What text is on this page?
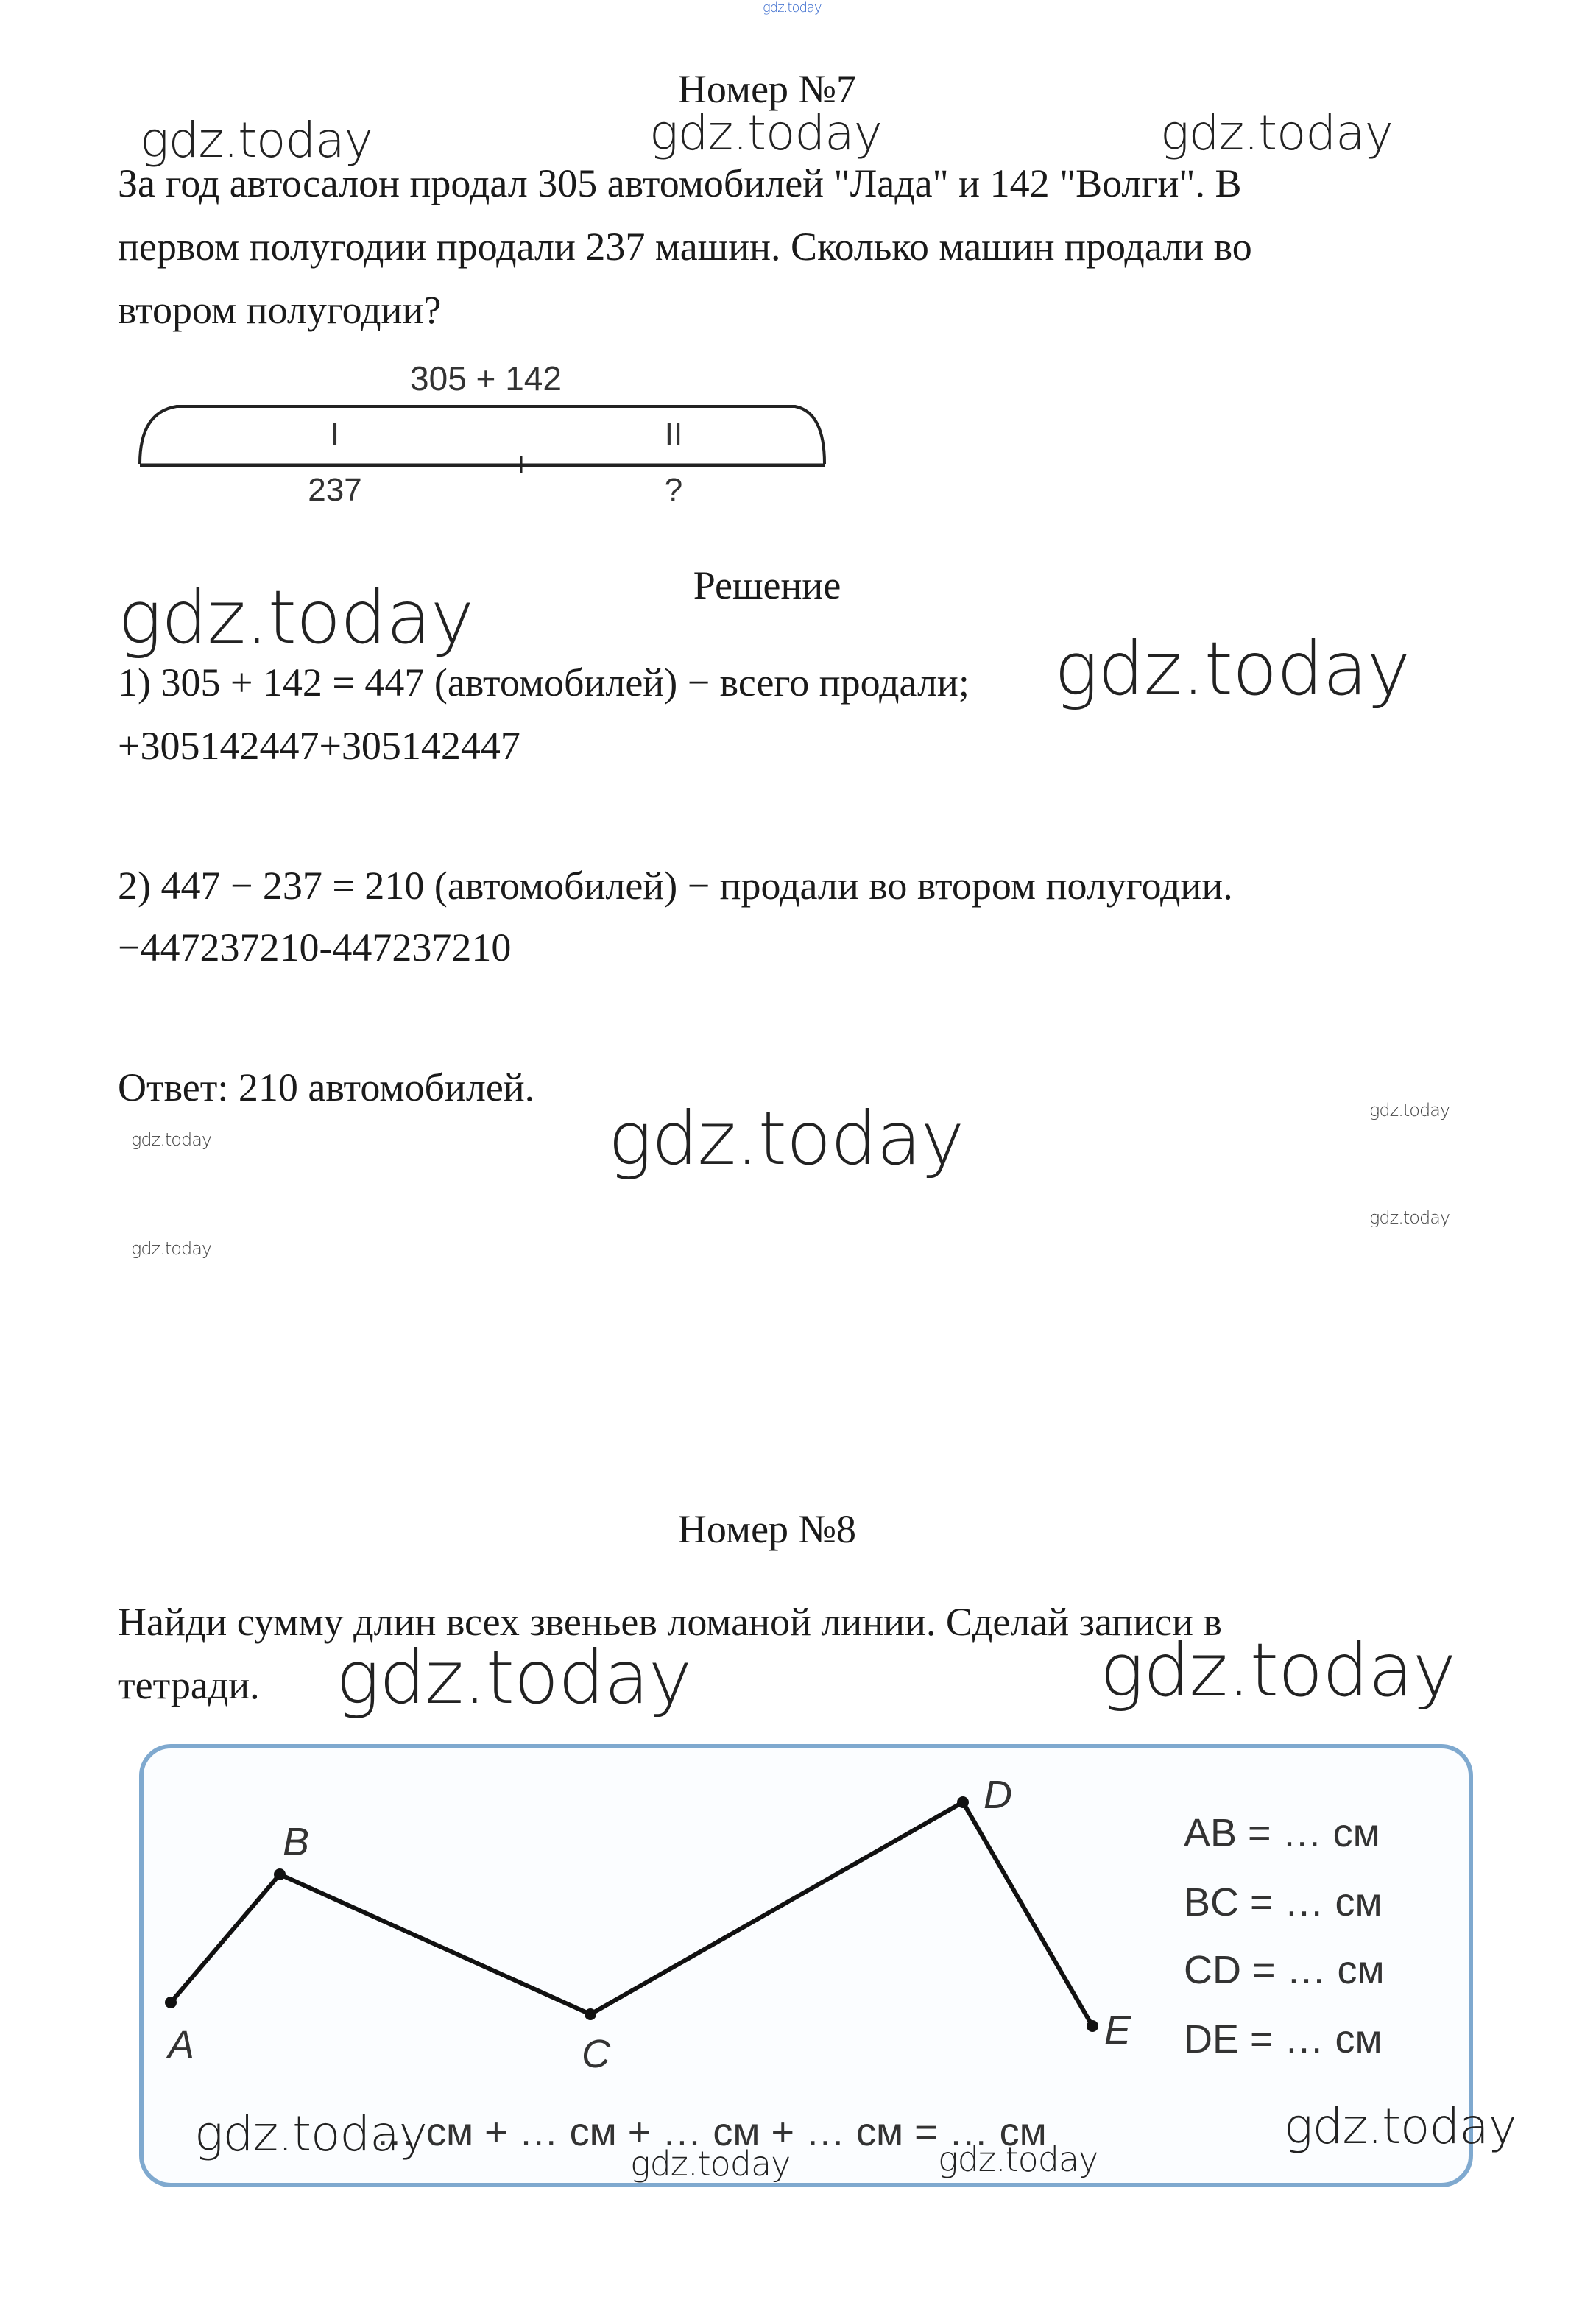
gdz.today
Номер №7
gdz.today	gdz.today	gdz.today
За год автосалон продал 305 автомобилей "Лада" и 142 "Волги". В
первом полугодии продали 237 машин. Сколько машин продали во
втором полугодии?
305 + 142
I	II
237	?
Решение
gdz.today
1) 305 + 142 = 447 (автомобилей) − всего продали; gdz.today
+305142447+305142447
2) 447 − 237 = 210 (автомобилей) − продали во втором полугодии.
−447237210-447237210
Ответ: 210 автомобилей.
gdz.today	gdz.today
gdz.today
gdz.today
gdz.today
Номер №8
Найди сумму длин всех звеньев ломаной линии. Сделай записи в
тетради. gdz.today	gdz.today
A
B
C
D
E
AB = … см
BC = … см
CD = … см
DE = … см
… см + … см + … см + … см = … см
gdz.today	gdz.today
gdz.today	gdz.today
